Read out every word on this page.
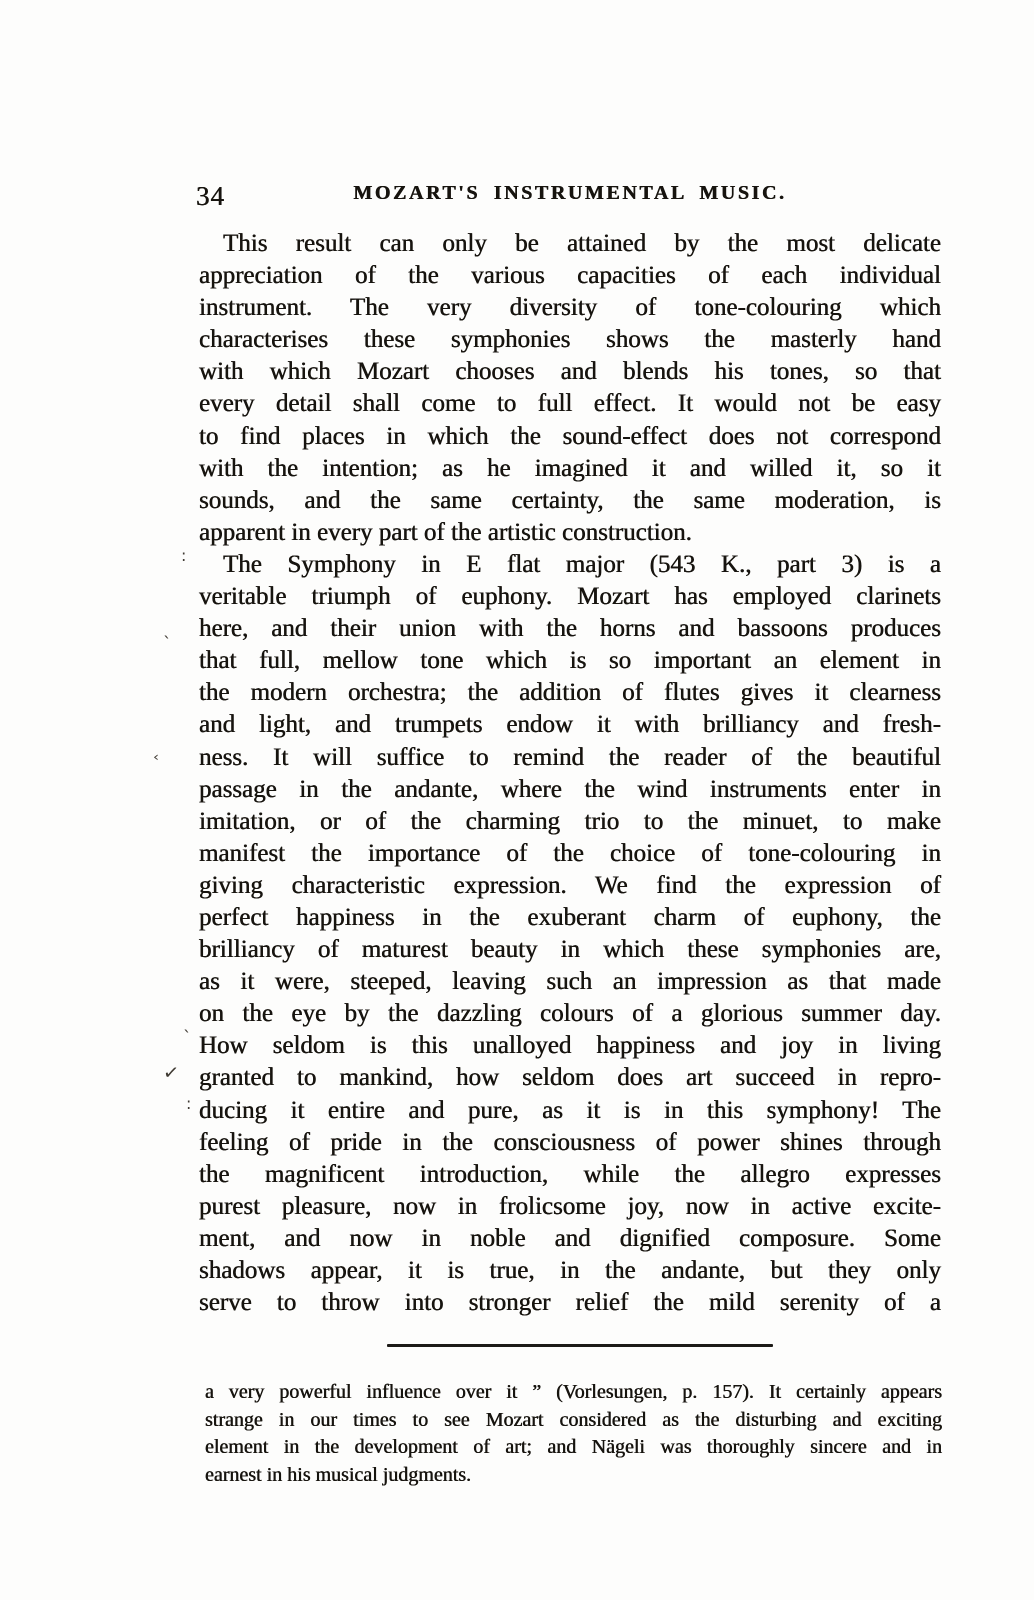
34	MOZART'S INSTRUMENTAL MUSIC.
This result can only be attained by the most delicate
appreciation of the various capacities of each individual
instrument. The very diversity of tone-colouring which
characterises these symphonies shows the masterly hand
with which Mozart chooses and blends his tones, so that
every detail shall come to full effect. It would not be easy
to find places in which the sound-effect does not correspond
with the intention; as he imagined it and willed it, so it
sounds, and the same certainty, the same moderation, is
apparent in every part of the artistic construction.
The Symphony in E flat major (543 K., part 3) is a
veritable triumph of euphony. Mozart has employed clarinets
here, and their union with the horns and bassoons produces
that full, mellow tone which is so important an element in
the modern orchestra; the addition of flutes gives it clearness
and light, and trumpets endow it with brilliancy and fresh-
ness. It will suffice to remind the reader of the beautiful
passage in the andante, where the wind instruments enter in
imitation, or of the charming trio to the minuet, to make
manifest the importance of the choice of tone-colouring in
giving characteristic expression. We find the expression of
perfect happiness in the exuberant charm of euphony, the
brilliancy of maturest beauty in which these symphonies are,
as it were, steeped, leaving such an impression as that made
on the eye by the dazzling colours of a glorious summer day.
How seldom is this unalloyed happiness and joy in living
granted to mankind, how seldom does art succeed in repro-
ducing it entire and pure, as it is in this symphony! The
feeling of pride in the consciousness of power shines through
the magnificent introduction, while the allegro expresses
purest pleasure, now in frolicsome joy, now in active excite-
ment, and now in noble and dignified composure. Some
shadows appear, it is true, in the andante, but they only
serve to throw into stronger relief the mild serenity of a
a very powerful influence over it ” (Vorlesungen, p. 157). It certainly appears
strange in our times to see Mozart considered as the disturbing and exciting
element in the development of art; and Nägeli was thoroughly sincere and in
earnest in his musical judgments.
:
ˋ
‹
ˋ
✓
:
